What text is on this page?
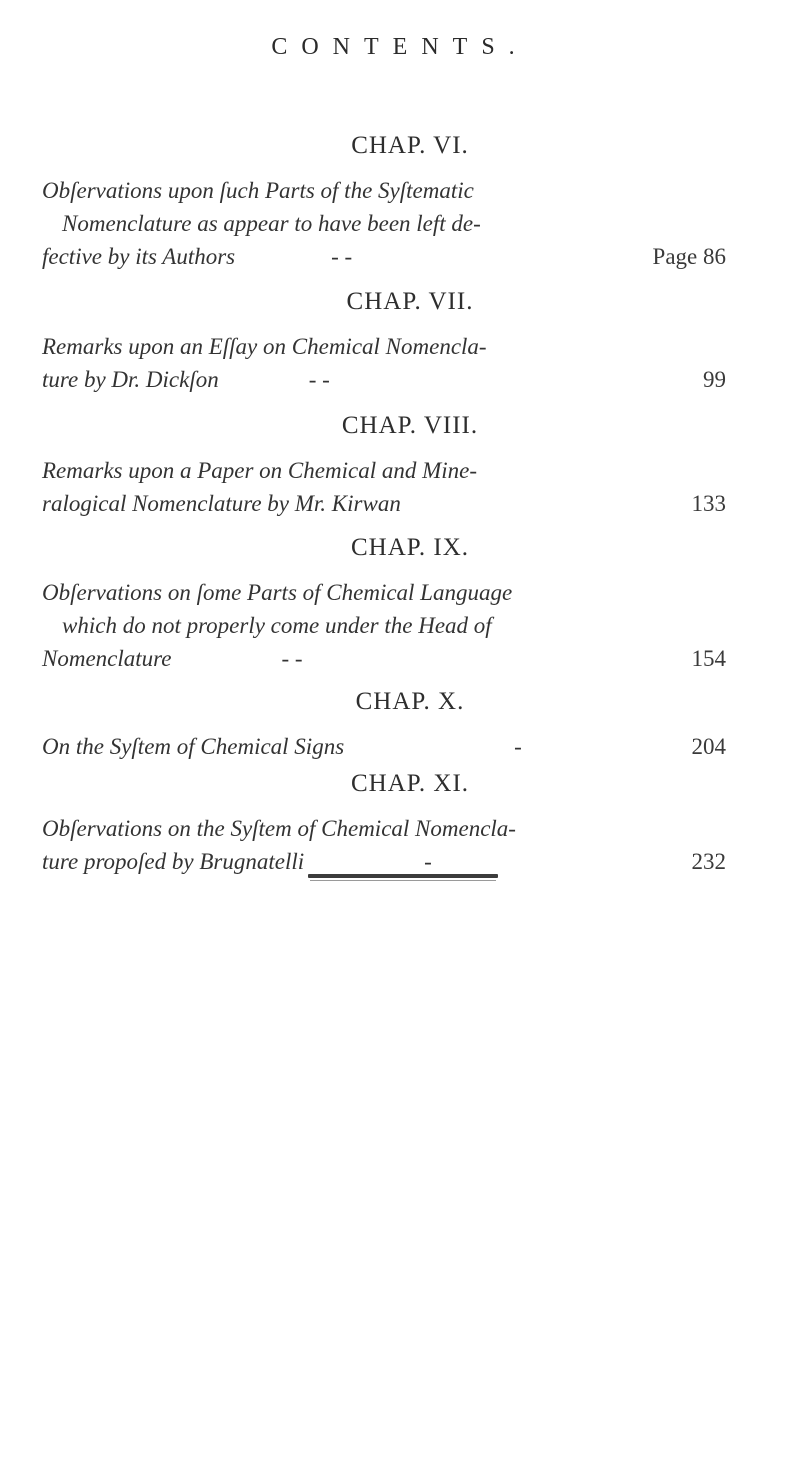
CONTENTS.
CHAP. VI.
Obſervations upon ſuch Parts of the Syſtematic
Nomenclature as appear to have been left de-
fective by its Authors	- -	Page 86
CHAP. VII.
Remarks upon an Eſſay on Chemical Nomencla-
ture by Dr. Dickſon	- -	99
CHAP. VIII.
Remarks upon a Paper on Chemical and Mine-
ralogical Nomenclature by Mr. Kirwan	133
CHAP. IX.
Obſervations on ſome Parts of Chemical Language
which do not properly come under the Head of
Nomenclature	- -	154
CHAP. X.
On the Syſtem of Chemical Signs	-	204
CHAP. XI.
Obſervations on the Syſtem of Chemical Nomencla-
ture propoſed by Brugnatelli	-	232
